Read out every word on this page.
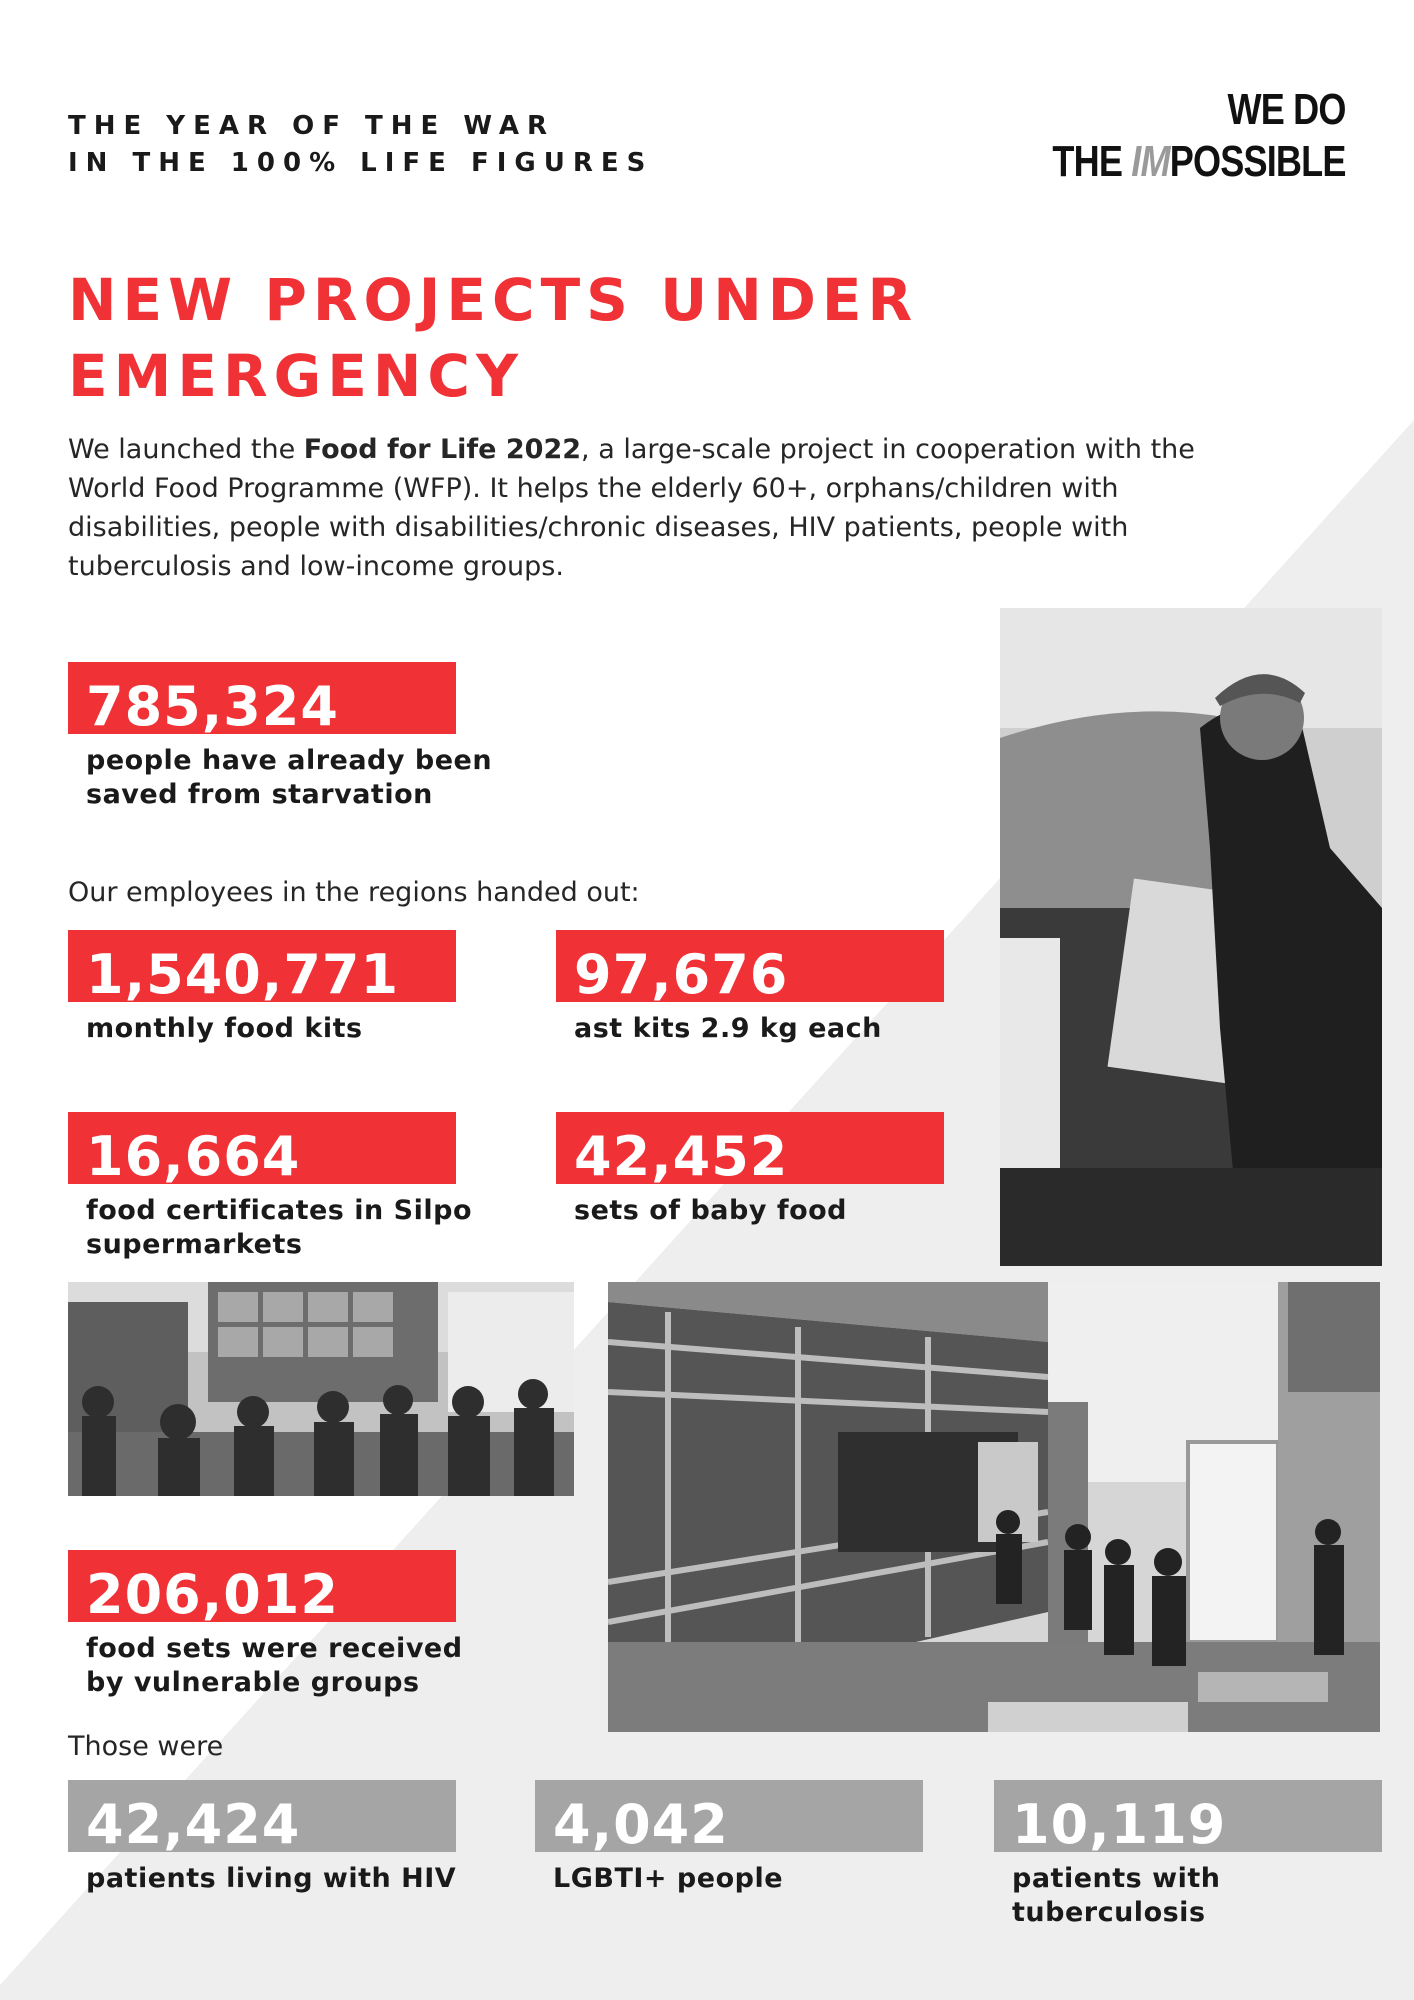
THE YEAR OF THE WAR
IN THE 100% LIFE FIGURES
WE DO
THE IMPOSSIBLE
NEW PROJECTS UNDER
EMERGENCY

We launched the Food for Life 2022, a large-scale project in cooperation with the World Food Programme (WFP). It helps the elderly 60+, orphans/children with disabilities, people with disabilities/chronic diseases, HIV patients, people with tuberculosis and low-income groups.

785,324
people have already been
saved from starvation
Our employees in the regions handed out:
1,540,771
monthly food kits
97,676
ast kits 2.9 kg each
16,664
food certificates in Silpo
supermarkets
42,452
sets of baby food
206,012
food sets were received
by vulnerable groups
Those were
42,424
patients living with HIV
4,042
LGBTI+ people
10,119
patients with
tuberculosis
